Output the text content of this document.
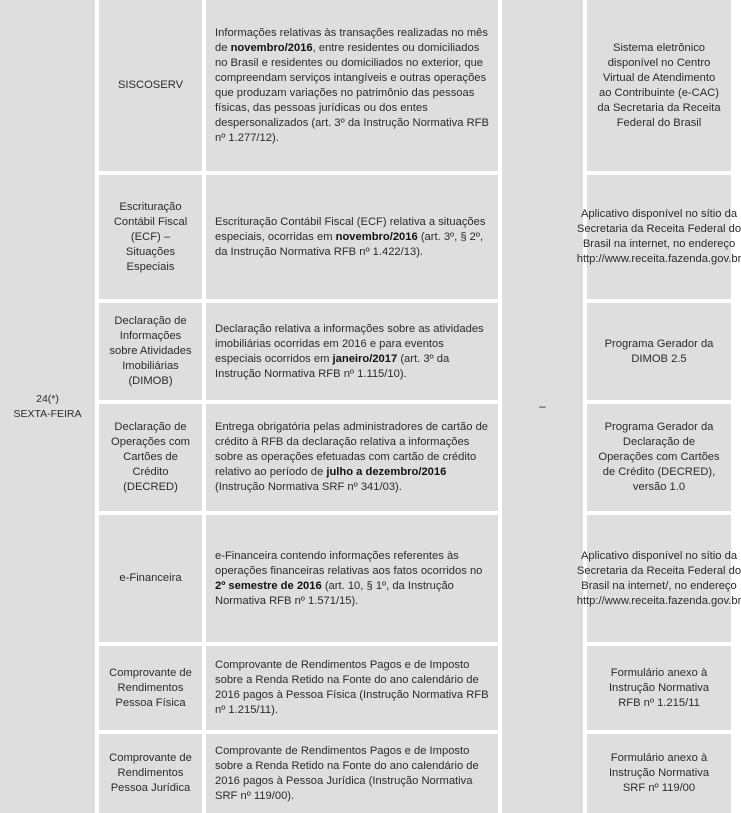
24(*)
SEXTA-FEIRA
–
SISCOSERV
Informações relativas às transações realizadas no mês de novembro/2016, entre residentes ou domiciliados no Brasil e residentes ou domiciliados no exterior, que compreendam serviços intangíveis e outras operações que produzam variações no patrimônio das pessoas físicas, das pessoas jurídicas ou dos entes despersonalizados (art. 3º da Instrução Normativa RFB nº 1.277/12).
Sistema eletrônico disponível no Centro Virtual de Atendimento ao Contribuinte (e-CAC) da Secretaria da Receita Federal do Brasil
Escrituração Contábil Fiscal (ECF) – Situações Especiais
Escrituração Contábil Fiscal (ECF) relativa a situações especiais, ocorridas em novembro/2016 (art. 3º, § 2º, da Instrução Normativa RFB nº 1.422/13).
Aplicativo disponível no sítio da Secretaria da Receita Federal do Brasil na internet, no endereço http://www.receita.fazenda.gov.br
Declaração de Informações sobre Atividades Imobiliárias (DIMOB)
Declaração relativa a informações sobre as atividades imobiliárias ocorridas em 2016 e para eventos especiais ocorridos em janeiro/2017 (art. 3º da Instrução Normativa RFB nº 1.115/10).
Programa Gerador da DIMOB 2.5
Declaração de Operações com Cartões de Crédito (DECRED)
Entrega obrigatória pelas administradores de cartão de crédito à RFB da declaração relativa a informações sobre as operações efetuadas com cartão de crédito relativo ao período de julho a dezembro/2016 (Instrução Normativa SRF nº 341/03).
Programa Gerador da Declaração de Operações com Cartões de Crédito (DECRED), versão 1.0
e-Financeira
e-Financeira contendo informações referentes às operações financeiras relativas aos fatos ocorridos no 2º semestre de 2016 (art. 10, § 1º, da Instrução Normativa RFB nº 1.571/15).
Aplicativo disponível no sítio da Secretaria da Receita Federal do Brasil na internet/, no endereço http://www.receita.fazenda.gov.br
Comprovante de Rendimentos Pessoa Física
Comprovante de Rendimentos Pagos e de Imposto sobre a Renda Retido na Fonte do ano calendário de 2016 pagos à Pessoa Física (Instrução Normativa RFB nº 1.215/11).
Formulário anexo à Instrução Normativa RFB nº 1.215/11
Comprovante de Rendimentos Pessoa Jurídica
Comprovante de Rendimentos Pagos e de Imposto sobre a Renda Retido na Fonte do ano calendário de 2016 pagos à Pessoa Jurídica (Instrução Normativa SRF nº 119/00).
Formulário anexo à Instrução Normativa SRF nº 119/00
